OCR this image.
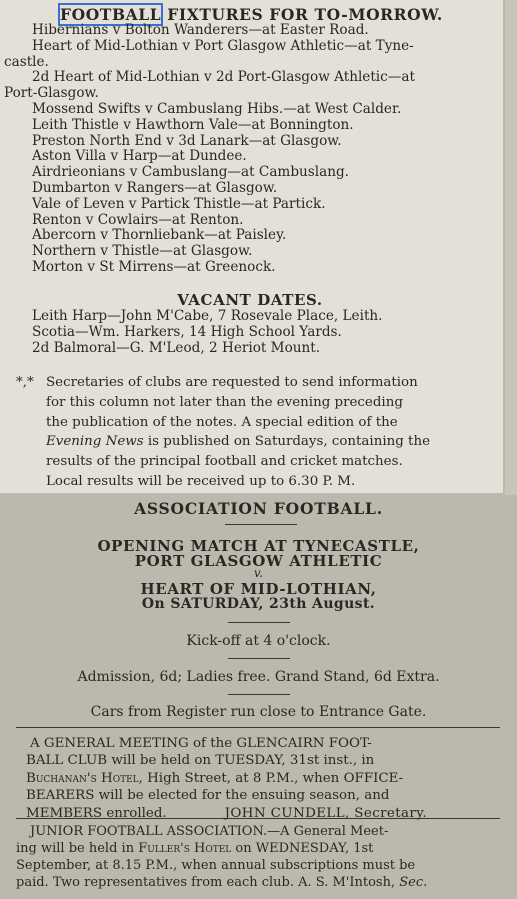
FOOTBALL FIXTURES FOR TO-MORROW.
Hibernians v Bolton Wanderers—at Easter Road.
Heart of Mid-Lothian v Port Glasgow Athletic—at Tyne-
castle.
2d Heart of Mid-Lothian v 2d Port-Glasgow Athletic—at
Port-Glasgow.
Mossend Swifts v Cambuslang Hibs.—at West Calder.
Leith Thistle v Hawthorn Vale—at Bonnington.
Preston North End v 3d Lanark—at Glasgow.
Aston Villa v Harp—at Dundee.
Airdrieonians v Cambuslang—at Cambuslang.
Dumbarton v Rangers—at Glasgow.
Vale of Leven v Partick Thistle—at Partick.
Renton v Cowlairs—at Renton.
Abercorn v Thornliebank—at Paisley.
Northern v Thistle—at Glasgow.
Morton v St Mirrens—at Greenock.
VACANT DATES.
Leith Harp—John M'Cabe, 7 Rosevale Place, Leith.
Scotia—Wm. Harkers, 14 High School Yards.
2d Balmoral—G. M'Leod, 2 Heriot Mount.
*,* Secretaries of clubs are requested to send information
for this column not later than the evening preceding
the publication of the notes. A special edition of the
Evening News is published on Saturdays, containing the
results of the principal football and cricket matches.
Local results will be received up to 6.30 P. M.
ASSOCIATION FOOTBALL.
OPENING MATCH AT TYNECASTLE,
PORT GLASGOW ATHLETIC
v.
HEART OF MID-LOTHIAN,
On SATURDAY, 23th August.
Kick-off at 4 o'clock.
Admission, 6d; Ladies free. Grand Stand, 6d Extra.
Cars from Register run close to Entrance Gate.
A GENERAL MEETING of the GLENCAIRN FOOT-
BALL CLUB will be held on TUESDAY, 31st inst., in
Buchanan's Hotel, High Street, at 8 P.M., when OFFICE-
BEARERS will be elected for the ensuing season, and
MEMBERS enrolled.	JOHN CUNDELL, Secretary.
JUNIOR FOOTBALL ASSOCIATION.—A General Meet-
ing will be held in Fuller's Hotel on WEDNESDAY, 1st
September, at 8.15 P.M., when annual subscriptions must be
paid. Two representatives from each club. A. S. M'Intosh, Sec.
